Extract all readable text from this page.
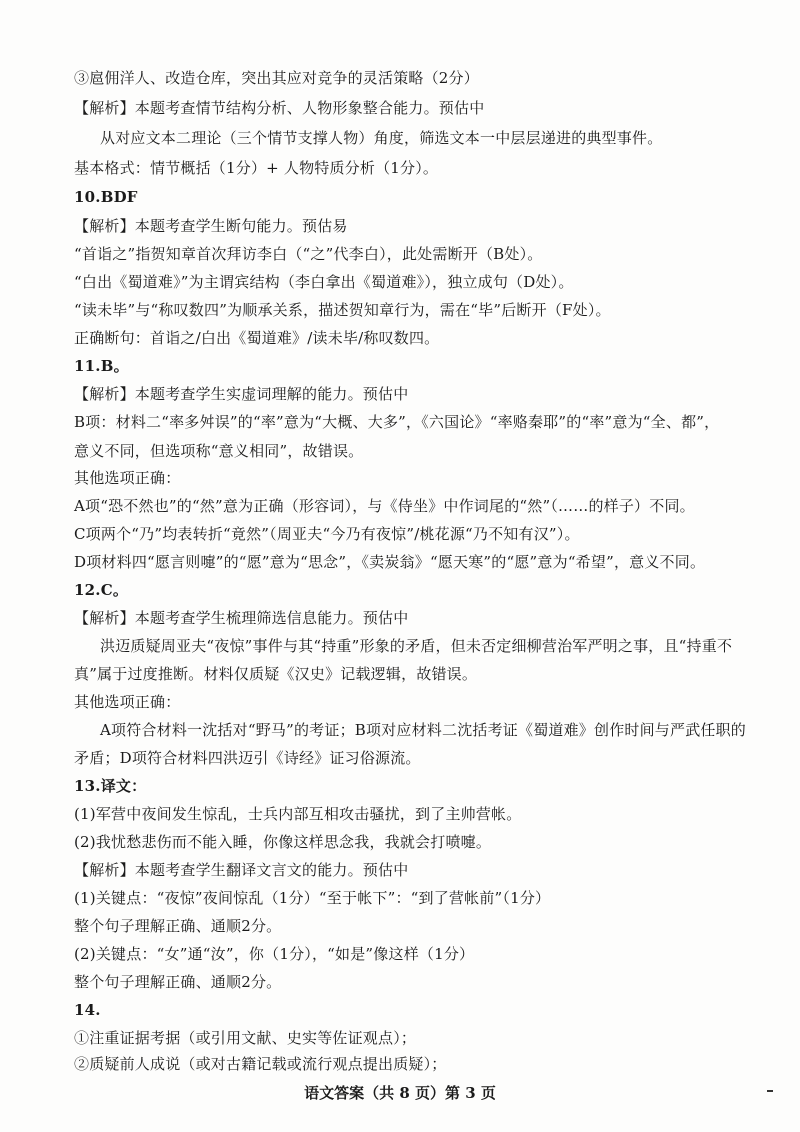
③扈佣洋人、改造仓库，突出其应对竞争的灵活策略（2分）
【解析】本题考查情节结构分析、人物形象整合能力。预估中
从对应文本二理论（三个情节支撑人物）角度，筛选文本一中层层递进的典型事件。
基本格式：情节概括（1分）+ 人物特质分析（1分）。
10.BDF
【解析】本题考查学生断句能力。预估易
“首诣之”指贺知章首次拜访李白（“之”代李白），此处需断开（B处）。
“白出《蜀道难》”为主谓宾结构（李白拿出《蜀道难》），独立成句（D处）。
“读未毕”与“称叹数四”为顺承关系，描述贺知章行为，需在“毕”后断开（F处）。
正确断句：首诣之/白出《蜀道难》/读未毕/称叹数四。
11.B。
【解析】本题考查学生实虚词理解的能力。预估中
B项：材料二“率多舛误”的“率”意为“大概、大多”，《六国论》“率赂秦耶”的“率”意为“全、都”，
意义不同，但选项称“意义相同”，故错误。
其他选项正确：
A项“恐不然也”的“然”意为正确（形容词），与《侍坐》中作词尾的“然”（……的样子）不同。
C项两个“乃”均表转折“竟然”（周亚夫“今乃有夜惊”/桃花源“乃不知有汉”）。
D项材料四“愿言则嚏”的“愿”意为“思念”，《卖炭翁》“愿天寒”的“愿”意为“希望”，意义不同。
12.C。
【解析】本题考查学生梳理筛选信息能力。预估中
洪迈质疑周亚夫“夜惊”事件与其“持重”形象的矛盾，但未否定细柳营治军严明之事，且“持重不
真”属于过度推断。材料仅质疑《汉史》记载逻辑，故错误。
其他选项正确：
A项符合材料一沈括对“野马”的考证；B项对应材料二沈括考证《蜀道难》创作时间与严武任职的
矛盾；D项符合材料四洪迈引《诗经》证习俗源流。
13.译文：
(1)军营中夜间发生惊乱，士兵内部互相攻击骚扰，到了主帅营帐。
(2)我忧愁悲伤而不能入睡，你像这样思念我，我就会打喷嚏。
【解析】本题考查学生翻译文言文的能力。预估中
(1)关键点：“夜惊”夜间惊乱（1分）“至于帐下”：“到了营帐前”（1分）
整个句子理解正确、通顺2分。
(2)关键点：“女”通“汝”，你（1分），“如是”像这样（1分）
整个句子理解正确、通顺2分。
14.
①注重证据考据（或引用文献、史实等佐证观点）；
②质疑前人成说（或对古籍记载或流行观点提出质疑）；
语文答案（共 8 页）第 3 页
